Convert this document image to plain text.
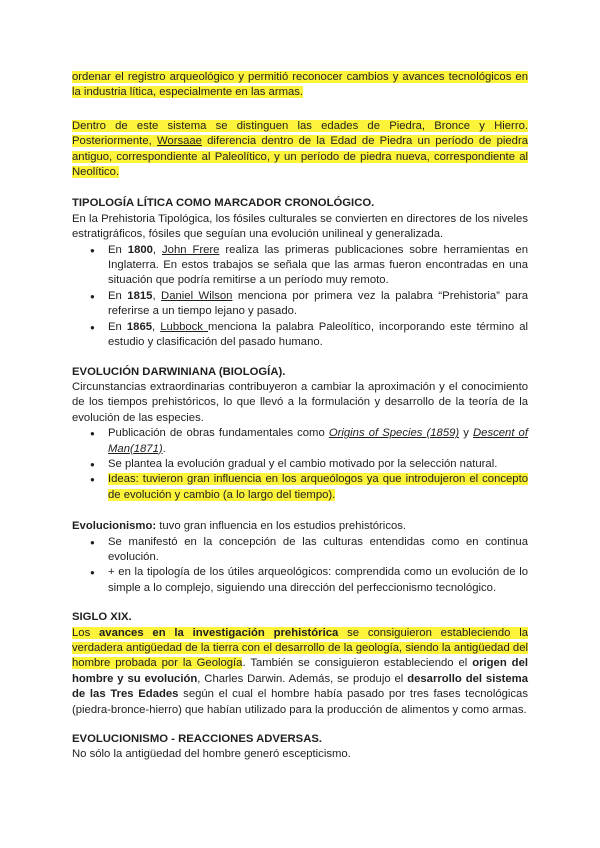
ordenar el registro arqueológico y permitió reconocer cambios y avances tecnológicos en la industria lítica, especialmente en las armas.

Dentro de este sistema se distinguen las edades de Piedra, Bronce y Hierro. Posteriormente, Worsaae diferencia dentro de la Edad de Piedra un período de piedra antiguo, correspondiente al Paleolítico, y un período de piedra nueva, correspondiente al Neolítico.

TIPOLOGÍA LÍTICA COMO MARCADOR CRONOLÓGICO.

En la Prehistoria Tipológica, los fósiles culturales se convierten en directores de los niveles estratigráficos, fósiles que seguían una evolución unilineal y generalizada.

● En 1800, John Frere realiza las primeras publicaciones sobre herramientas en Inglaterra. En estos trabajos se señala que las armas fueron encontradas en una situación que podría remitirse a un período muy remoto.
● En 1815, Daniel Wilson menciona por primera vez la palabra “Prehistoria” para referirse a un tiempo lejano y pasado.
● En 1865, Lubbock menciona la palabra Paleolítico, incorporando este término al estudio y clasificación del pasado humano.

EVOLUCIÓN DARWINIANA (BIOLOGÍA).

Circunstancias extraordinarias contribuyeron a cambiar la aproximación y el conocimiento de los tiempos prehistóricos, lo que llevó a la formulación y desarrollo de la teoría de la evolución de las especies.

● Publicación de obras fundamentales como Origins of Species (1859) y Descent of Man(1871).
● Se plantea la evolución gradual y el cambio motivado por la selección natural.
● Ideas: tuvieron gran influencia en los arqueólogos ya que introdujeron el concepto de evolución y cambio (a lo largo del tiempo).

Evolucionismo: tuvo gran influencia en los estudios prehistóricos.

● Se manifestó en la concepción de las culturas entendidas como en continua evolución.
● + en la tipología de los útiles arqueológicos: comprendida como un evolución de lo simple a lo complejo, siguiendo una dirección del perfeccionismo tecnológico.

SIGLO XIX.

Los avances en la investigación prehistórica se consiguieron estableciendo la verdadera antigüedad de la tierra con el desarrollo de la geología, siendo la antigüedad del hombre probada por la Geología. También se consiguieron estableciendo el origen del hombre y su evolución, Charles Darwin. Además, se produjo el desarrollo del sistema de las Tres Edades según el cual el hombre había pasado por tres fases tecnológicas (piedra-bronce-hierro) que habían utilizado para la producción de alimentos y como armas.

EVOLUCIONISMO - REACCIONES ADVERSAS.

No sólo la antigüedad del hombre generó escepticismo.
